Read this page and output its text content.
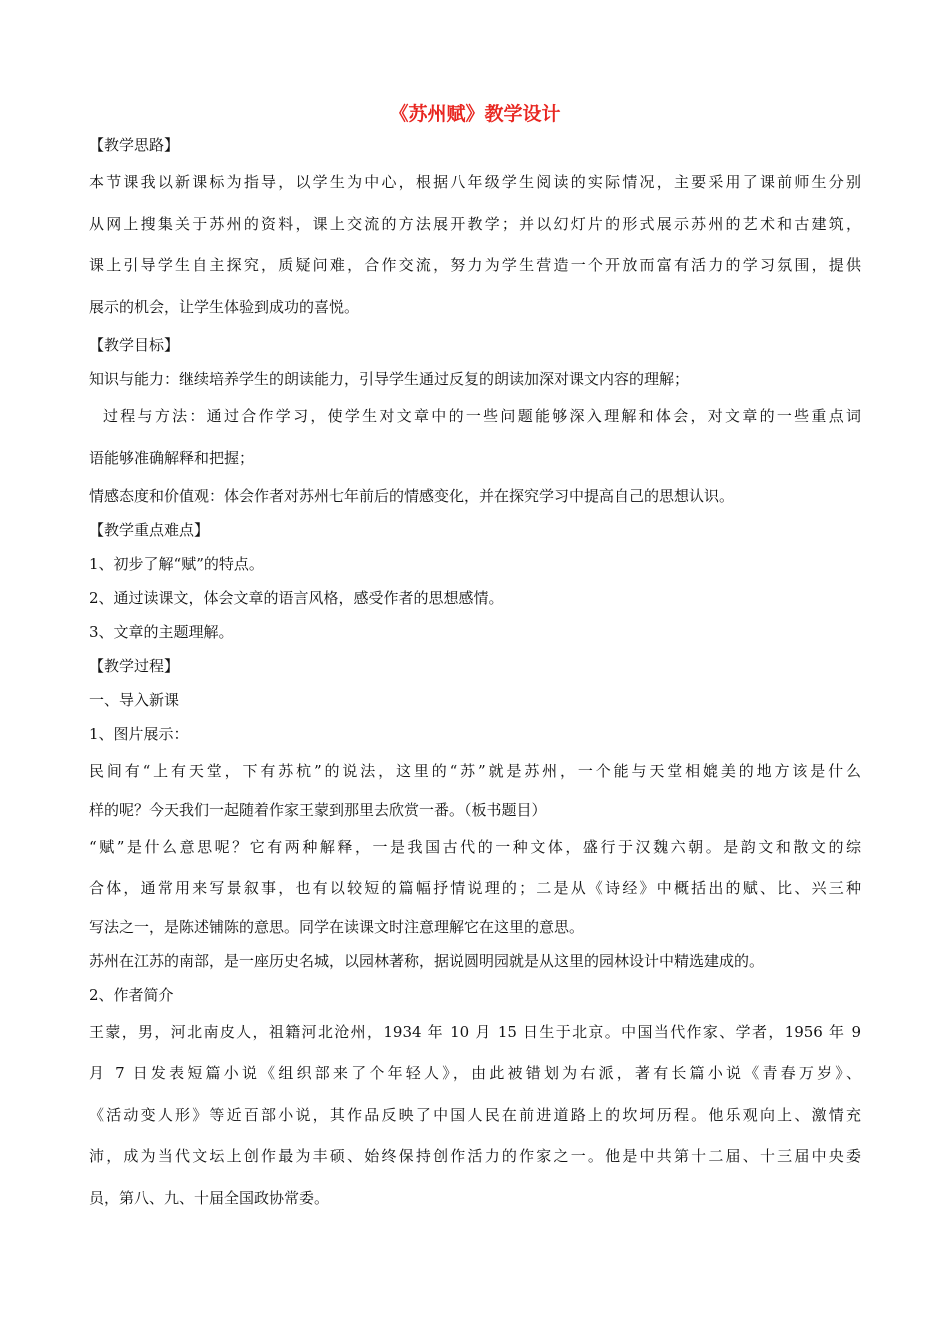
《苏州赋》教学设计
【教学思路】
本节课我以新课标为指导，以学生为中心，根据八年级学生阅读的实际情况，主要采用了课前师生分别
从网上搜集关于苏州的资料，课上交流的方法展开教学；并以幻灯片的形式展示苏州的艺术和古建筑，
课上引导学生自主探究，质疑问难，合作交流，努力为学生营造一个开放而富有活力的学习氛围，提供
展示的机会，让学生体验到成功的喜悦。
【教学目标】
知识与能力：继续培养学生的朗读能力，引导学生通过反复的朗读加深对课文内容的理解；
过程与方法：通过合作学习，使学生对文章中的一些问题能够深入理解和体会，对文章的一些重点词
语能够准确解释和把握；
情感态度和价值观：体会作者对苏州七年前后的情感变化，并在探究学习中提高自己的思想认识。
【教学重点难点】
1、初步了解“赋”的特点。
2、通过读课文，体会文章的语言风格，感受作者的思想感情。
3、文章的主题理解。
【教学过程】
一、导入新课
1、图片展示：
民间有“上有天堂，下有苏杭”的说法，这里的“苏”就是苏州，一个能与天堂相媲美的地方该是什么
样的呢？今天我们一起随着作家王蒙到那里去欣赏一番。（板书题目）
“赋”是什么意思呢？它有两种解释，一是我国古代的一种文体，盛行于汉魏六朝。是韵文和散文的综
合体，通常用来写景叙事，也有以较短的篇幅抒情说理的；二是从《诗经》中概括出的赋、比、兴三种
写法之一，是陈述铺陈的意思。同学在读课文时注意理解它在这里的意思。
苏州在江苏的南部，是一座历史名城，以园林著称，据说圆明园就是从这里的园林设计中精选建成的。
2、作者简介
王蒙，男，河北南皮人，祖籍河北沧州，1934 年 10 月 15 日生于北京。中国当代作家、学者，1956 年 9
月 7 日发表短篇小说《组织部来了个年轻人》，由此被错划为右派，著有长篇小说《青春万岁》、
《活动变人形》等近百部小说，其作品反映了中国人民在前进道路上的坎坷历程。他乐观向上、激情充
沛，成为当代文坛上创作最为丰硕、始终保持创作活力的作家之一。他是中共第十二届、十三届中央委
员，第八、九、十届全国政协常委。
